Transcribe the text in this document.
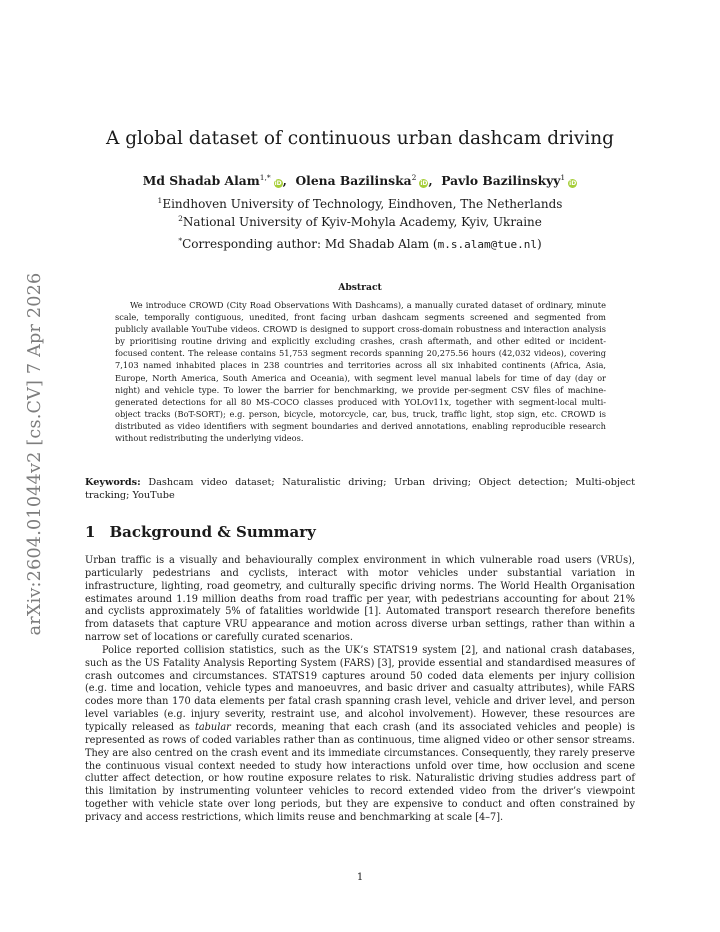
arXiv:2604.01044v2 [cs.CV] 7 Apr 2026
A global dataset of continuous urban dashcam driving
Md Shadab Alam$^{1,*}$iD,  Olena Bazilinska$^2$iD,  Pavlo Bazilinskyy$^1$iD
$^1$Eindhoven University of Technology, Eindhoven, The Netherlands
$^2$National University of Kyiv-Mohyla Academy, Kyiv, Ukraine
*Corresponding author: Md Shadab Alam (m.s.alam@tue.nl)
Abstract
We introduce CROWD (City Road Observations With Dashcams), a manually curated dataset of ordinary, minute scale, temporally contiguous, unedited, front facing urban dashcam segments screened and segmented from publicly available YouTube videos. CROWD is designed to support cross-domain robustness and interaction analysis by prioritising routine driving and explicitly excluding crashes, crash aftermath, and other edited or incident-focused content. The release contains 51,753 segment records spanning 20,275.56 hours (42,032 videos), covering 7,103 named inhabited places in 238 countries and territories across all six inhabited continents (Africa, Asia, Europe, North America, South America and Oceania), with segment level manual labels for time of day (day or night) and vehicle type. To lower the barrier for benchmarking, we provide per-segment CSV files of machine-generated detections for all 80 MS-COCO classes produced with YOLOv11x, together with segment-local multi-object tracks (BoT-SORT); e.g. person, bicycle, motorcycle, car, bus, truck, traffic light, stop sign, etc. CROWD is distributed as video identifiers with segment boundaries and derived annotations, enabling reproducible research without redistributing the underlying videos.
Keywords: Dashcam video dataset; Naturalistic driving; Urban driving; Object detection; Multi-object tracking; YouTube
1 Background & Summary

Urban traffic is a visually and behaviourally complex environment in which vulnerable road users (VRUs), particularly pedestrians and cyclists, interact with motor vehicles under substantial variation in infrastructure, lighting, road geometry, and culturally specific driving norms. The World Health Organisation estimates around 1.19 million deaths from road traffic per year, with pedestrians accounting for about 21% and cyclists approximately 5% of fatalities worldwide [1]. Automated transport research therefore benefits from datasets that capture VRU appearance and motion across diverse urban settings, rather than within a narrow set of locations or carefully curated scenarios.

Police reported collision statistics, such as the UK’s STATS19 system [2], and national crash databases, such as the US Fatality Analysis Reporting System (FARS) [3], provide essential and standardised measures of crash outcomes and circumstances. STATS19 captures around 50 coded data elements per injury collision (e.g. time and location, vehicle types and manoeuvres, and basic driver and casualty attributes), while FARS codes more than 170 data elements per fatal crash spanning crash level, vehicle and driver level, and person level variables (e.g. injury severity, restraint use, and alcohol involvement). However, these resources are typically released as tabular records, meaning that each crash (and its associated vehicles and people) is represented as rows of coded variables rather than as continuous, time aligned video or other sensor streams. They are also centred on the crash event and its immediate circumstances. Consequently, they rarely preserve the continuous visual context needed to study how interactions unfold over time, how occlusion and scene clutter affect detection, or how routine exposure relates to risk. Naturalistic driving studies address part of this limitation by instrumenting volunteer vehicles to record extended video from the driver’s viewpoint together with vehicle state over long periods, but they are expensive to conduct and often constrained by privacy and access restrictions, which limits reuse and benchmarking at scale [4–7].

1
